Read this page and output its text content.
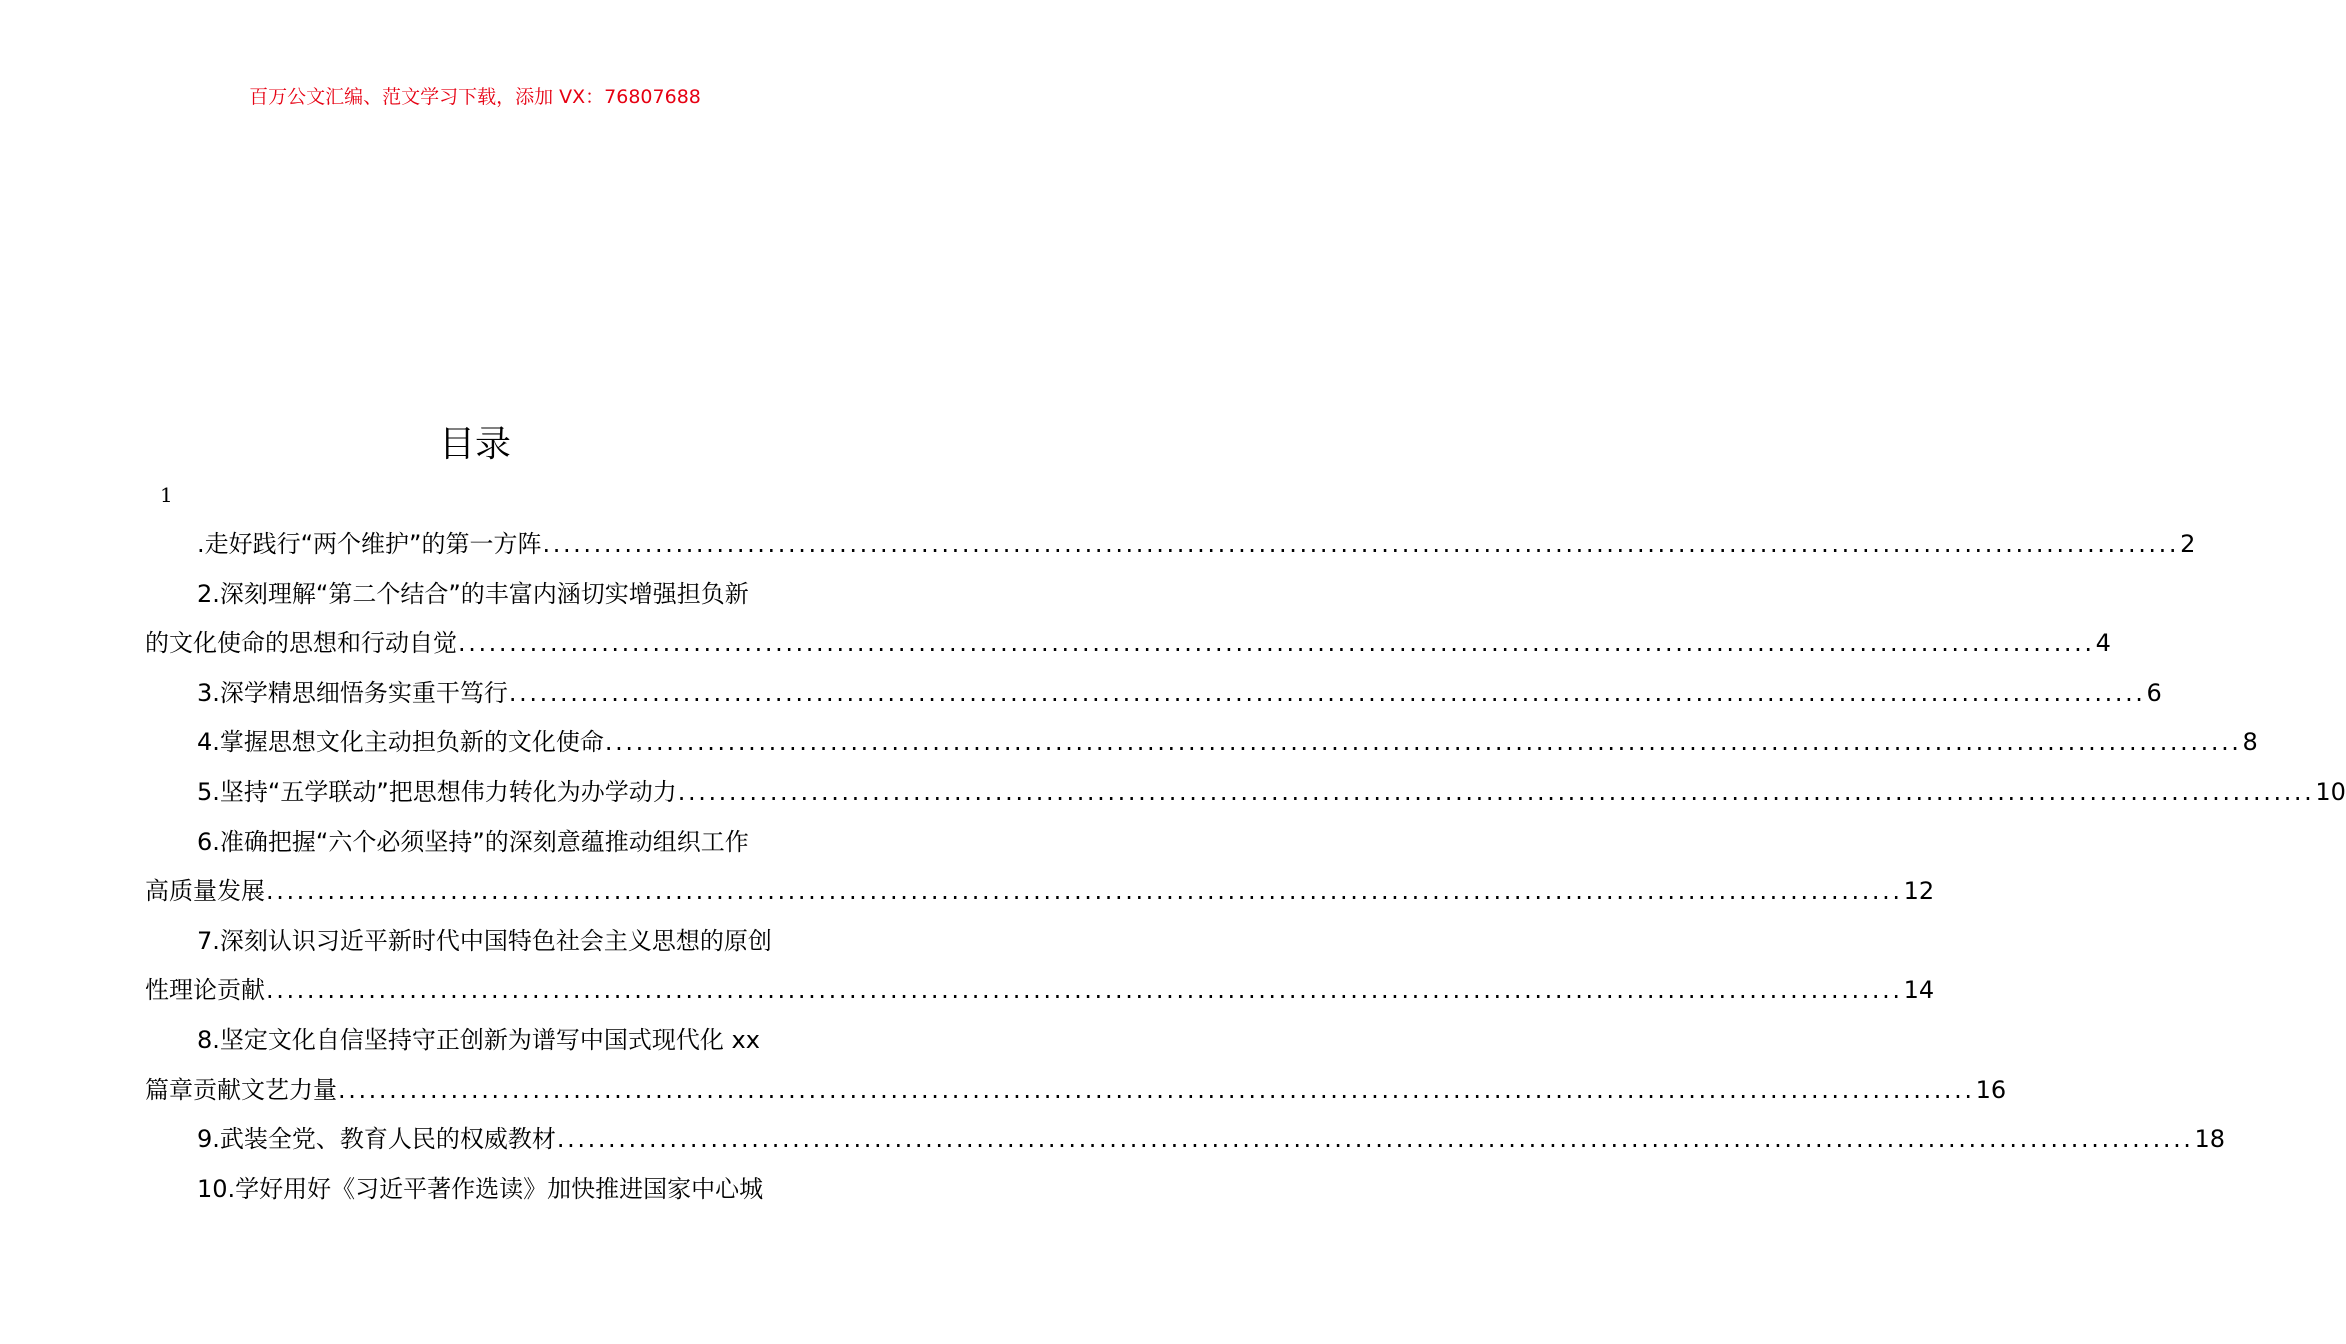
百万公文汇编、范文学习下载，添加 VX：76807688
目录
1
.走好践行“两个维护”的第一方阵 ................................................................................................................................................................ 2
2.深刻理解“第二个结合”的丰富内涵切实增强担负新
的文化使命的思想和行动自觉 ................................................................................................................................................................ 4
3.深学精思细悟务实重干笃行 ................................................................................................................................................................ 6
4.掌握思想文化主动担负新的文化使命 ................................................................................................................................................................ 8
5.坚持“五学联动”把思想伟力转化为办学动力 ................................................................................................................................................................ 10
6.准确把握“六个必须坚持”的深刻意蕴推动组织工作
高质量发展 ................................................................................................................................................................ 12
7.深刻认识习近平新时代中国特色社会主义思想的原创
性理论贡献 ................................................................................................................................................................ 14
8.坚定文化自信坚持守正创新为谱写中国式现代化 xx
篇章贡献文艺力量 ................................................................................................................................................................ 16
9.武装全党、教育人民的权威教材 ................................................................................................................................................................ 18
10.学好用好《习近平著作选读》加快推进国家中心城
